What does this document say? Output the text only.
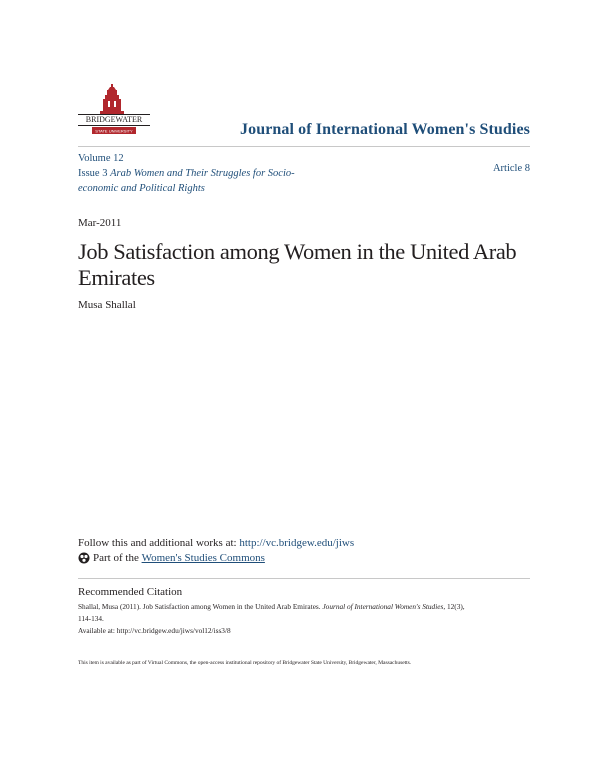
BRIDGEWATER
STATE UNIVERSITY	Journal of International Women's Studies
Volume 12
Issue 3 Arab Women and Their Struggles for Socio-
economic and Political Rights
Article 8
Mar-2011
Job Satisfaction among Women in the United Arab Emirates
Musa Shallal
Follow this and additional works at: http://vc.bridgew.edu/jiws
Part of the
Women's Studies Commons
Recommended Citation
Shallal, Musa (2011). Job Satisfaction among Women in the United Arab Emirates. Journal of International Women's Studies, 12(3),
114-134.
Available at: http://vc.bridgew.edu/jiws/vol12/iss3/8
This item is available as part of Virtual Commons, the open-access institutional repository of Bridgewater State University, Bridgewater, Massachusetts.
